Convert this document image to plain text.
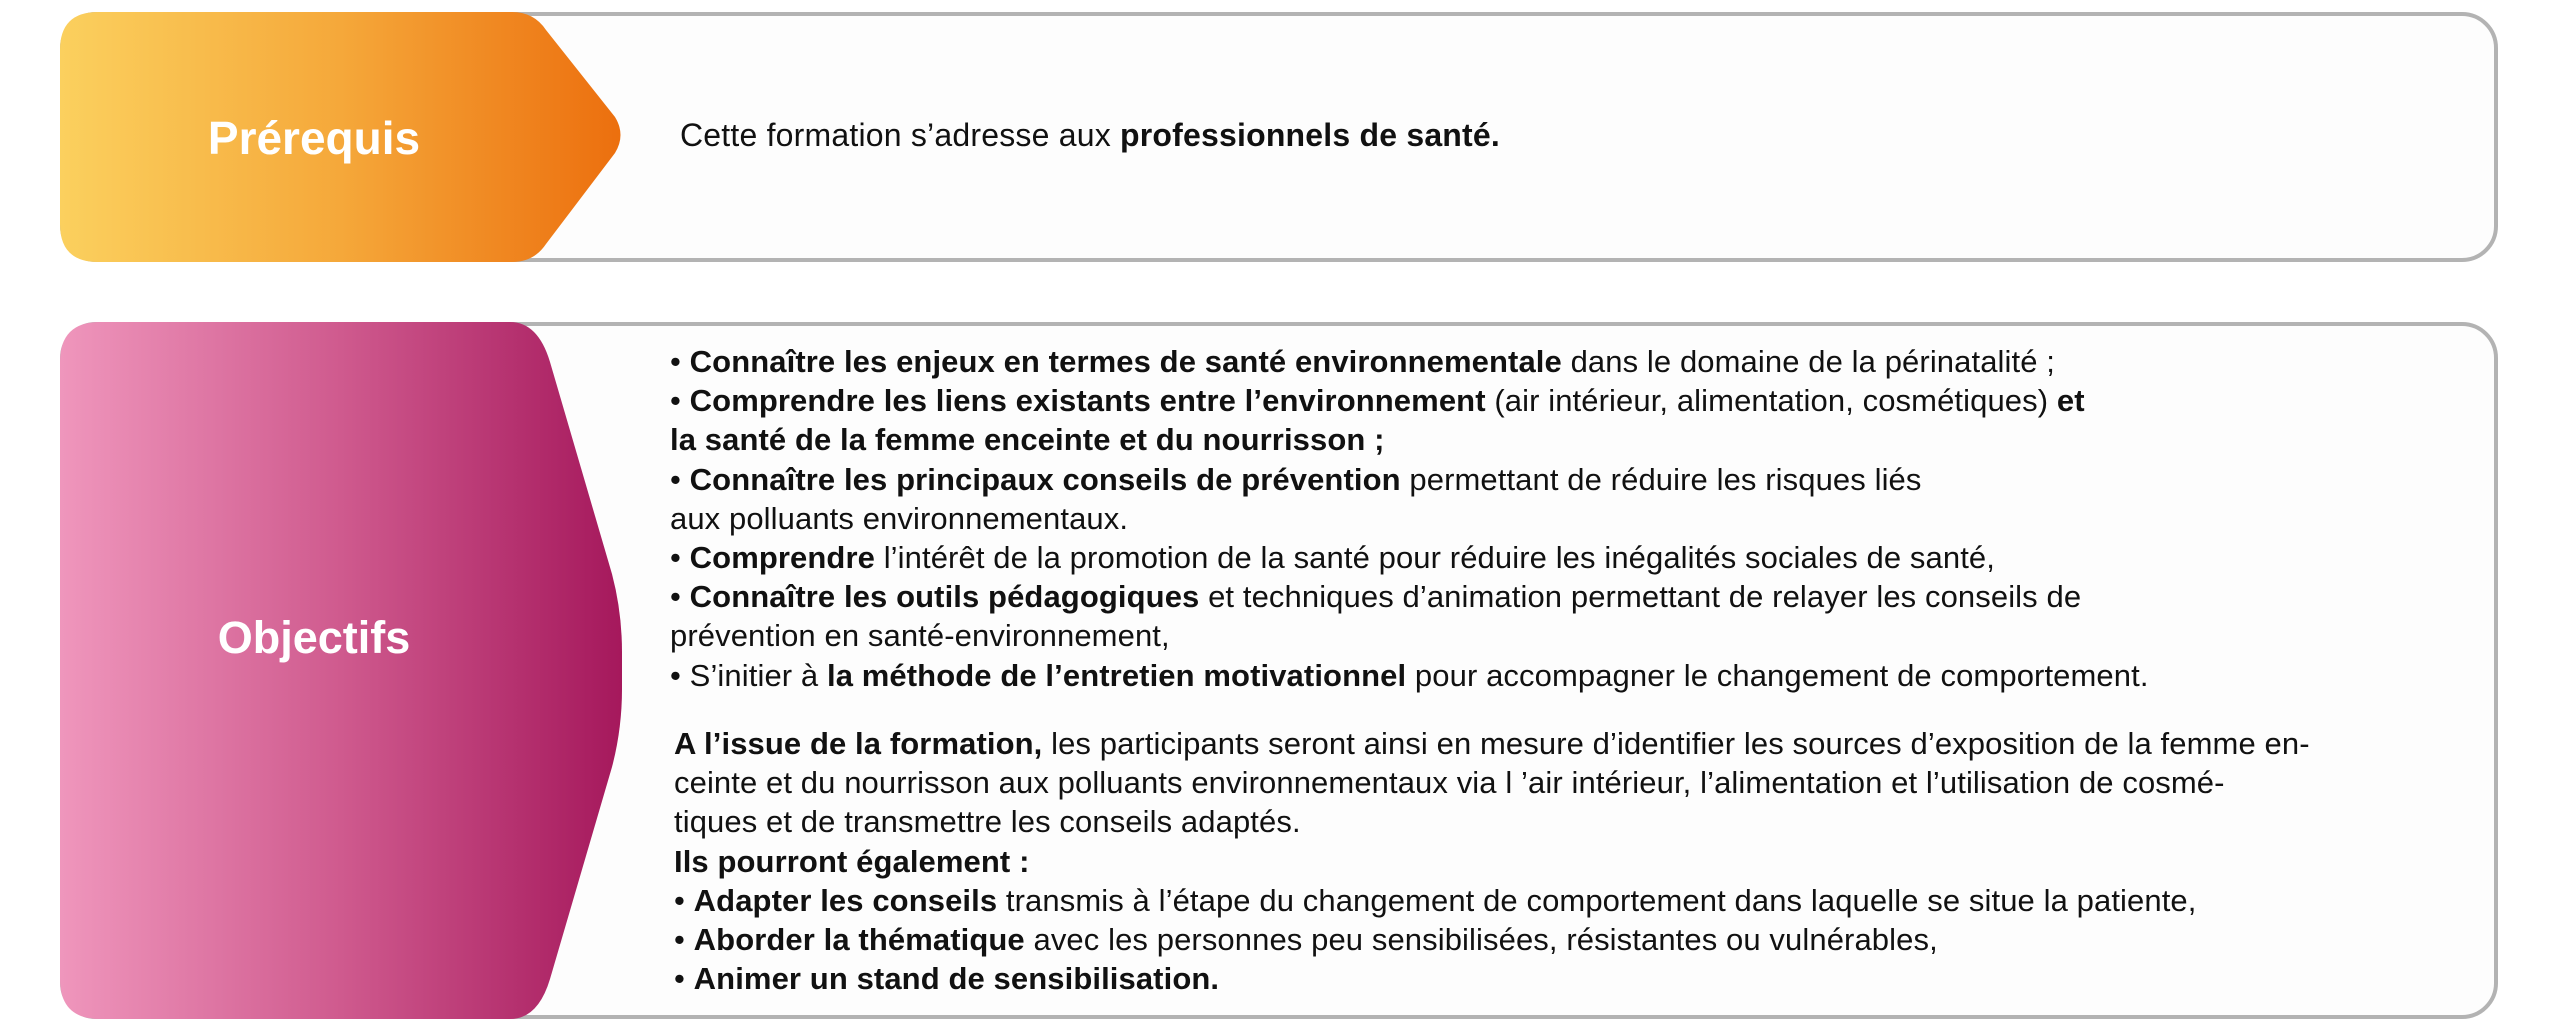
Prérequis	Cette formation s’adresse aux professionnels de santé.
Objectifs
• Connaître les enjeux en termes de santé environnementale dans le domaine de la périnatalité ;
• Comprendre les liens existants entre l’environnement (air intérieur, alimentation, cosmétiques) et
la santé de la femme enceinte et du nourrisson ;
• Connaître les principaux conseils de prévention permettant de réduire les risques liés
aux polluants environnementaux.
• Comprendre l’intérêt de la promotion de la santé pour réduire les inégalités sociales de santé,
• Connaître les outils pédagogiques et techniques d’animation permettant de relayer les conseils de
prévention en santé-environnement,
• S’initier à la méthode de l’entretien motivationnel pour accompagner le changement de comportement.
A l’issue de la formation, les participants seront ainsi en mesure d’identifier les sources d’exposition de la femme en-
ceinte et du nourrisson aux polluants environnementaux via l ’air intérieur, l’alimentation et l’utilisation de cosmé-
tiques et de transmettre les conseils adaptés.
Ils pourront également :
• Adapter les conseils transmis à l’étape du changement de comportement dans laquelle se situe la patiente,
• Aborder la thématique avec les personnes peu sensibilisées, résistantes ou vulnérables,
• Animer un stand de sensibilisation.
